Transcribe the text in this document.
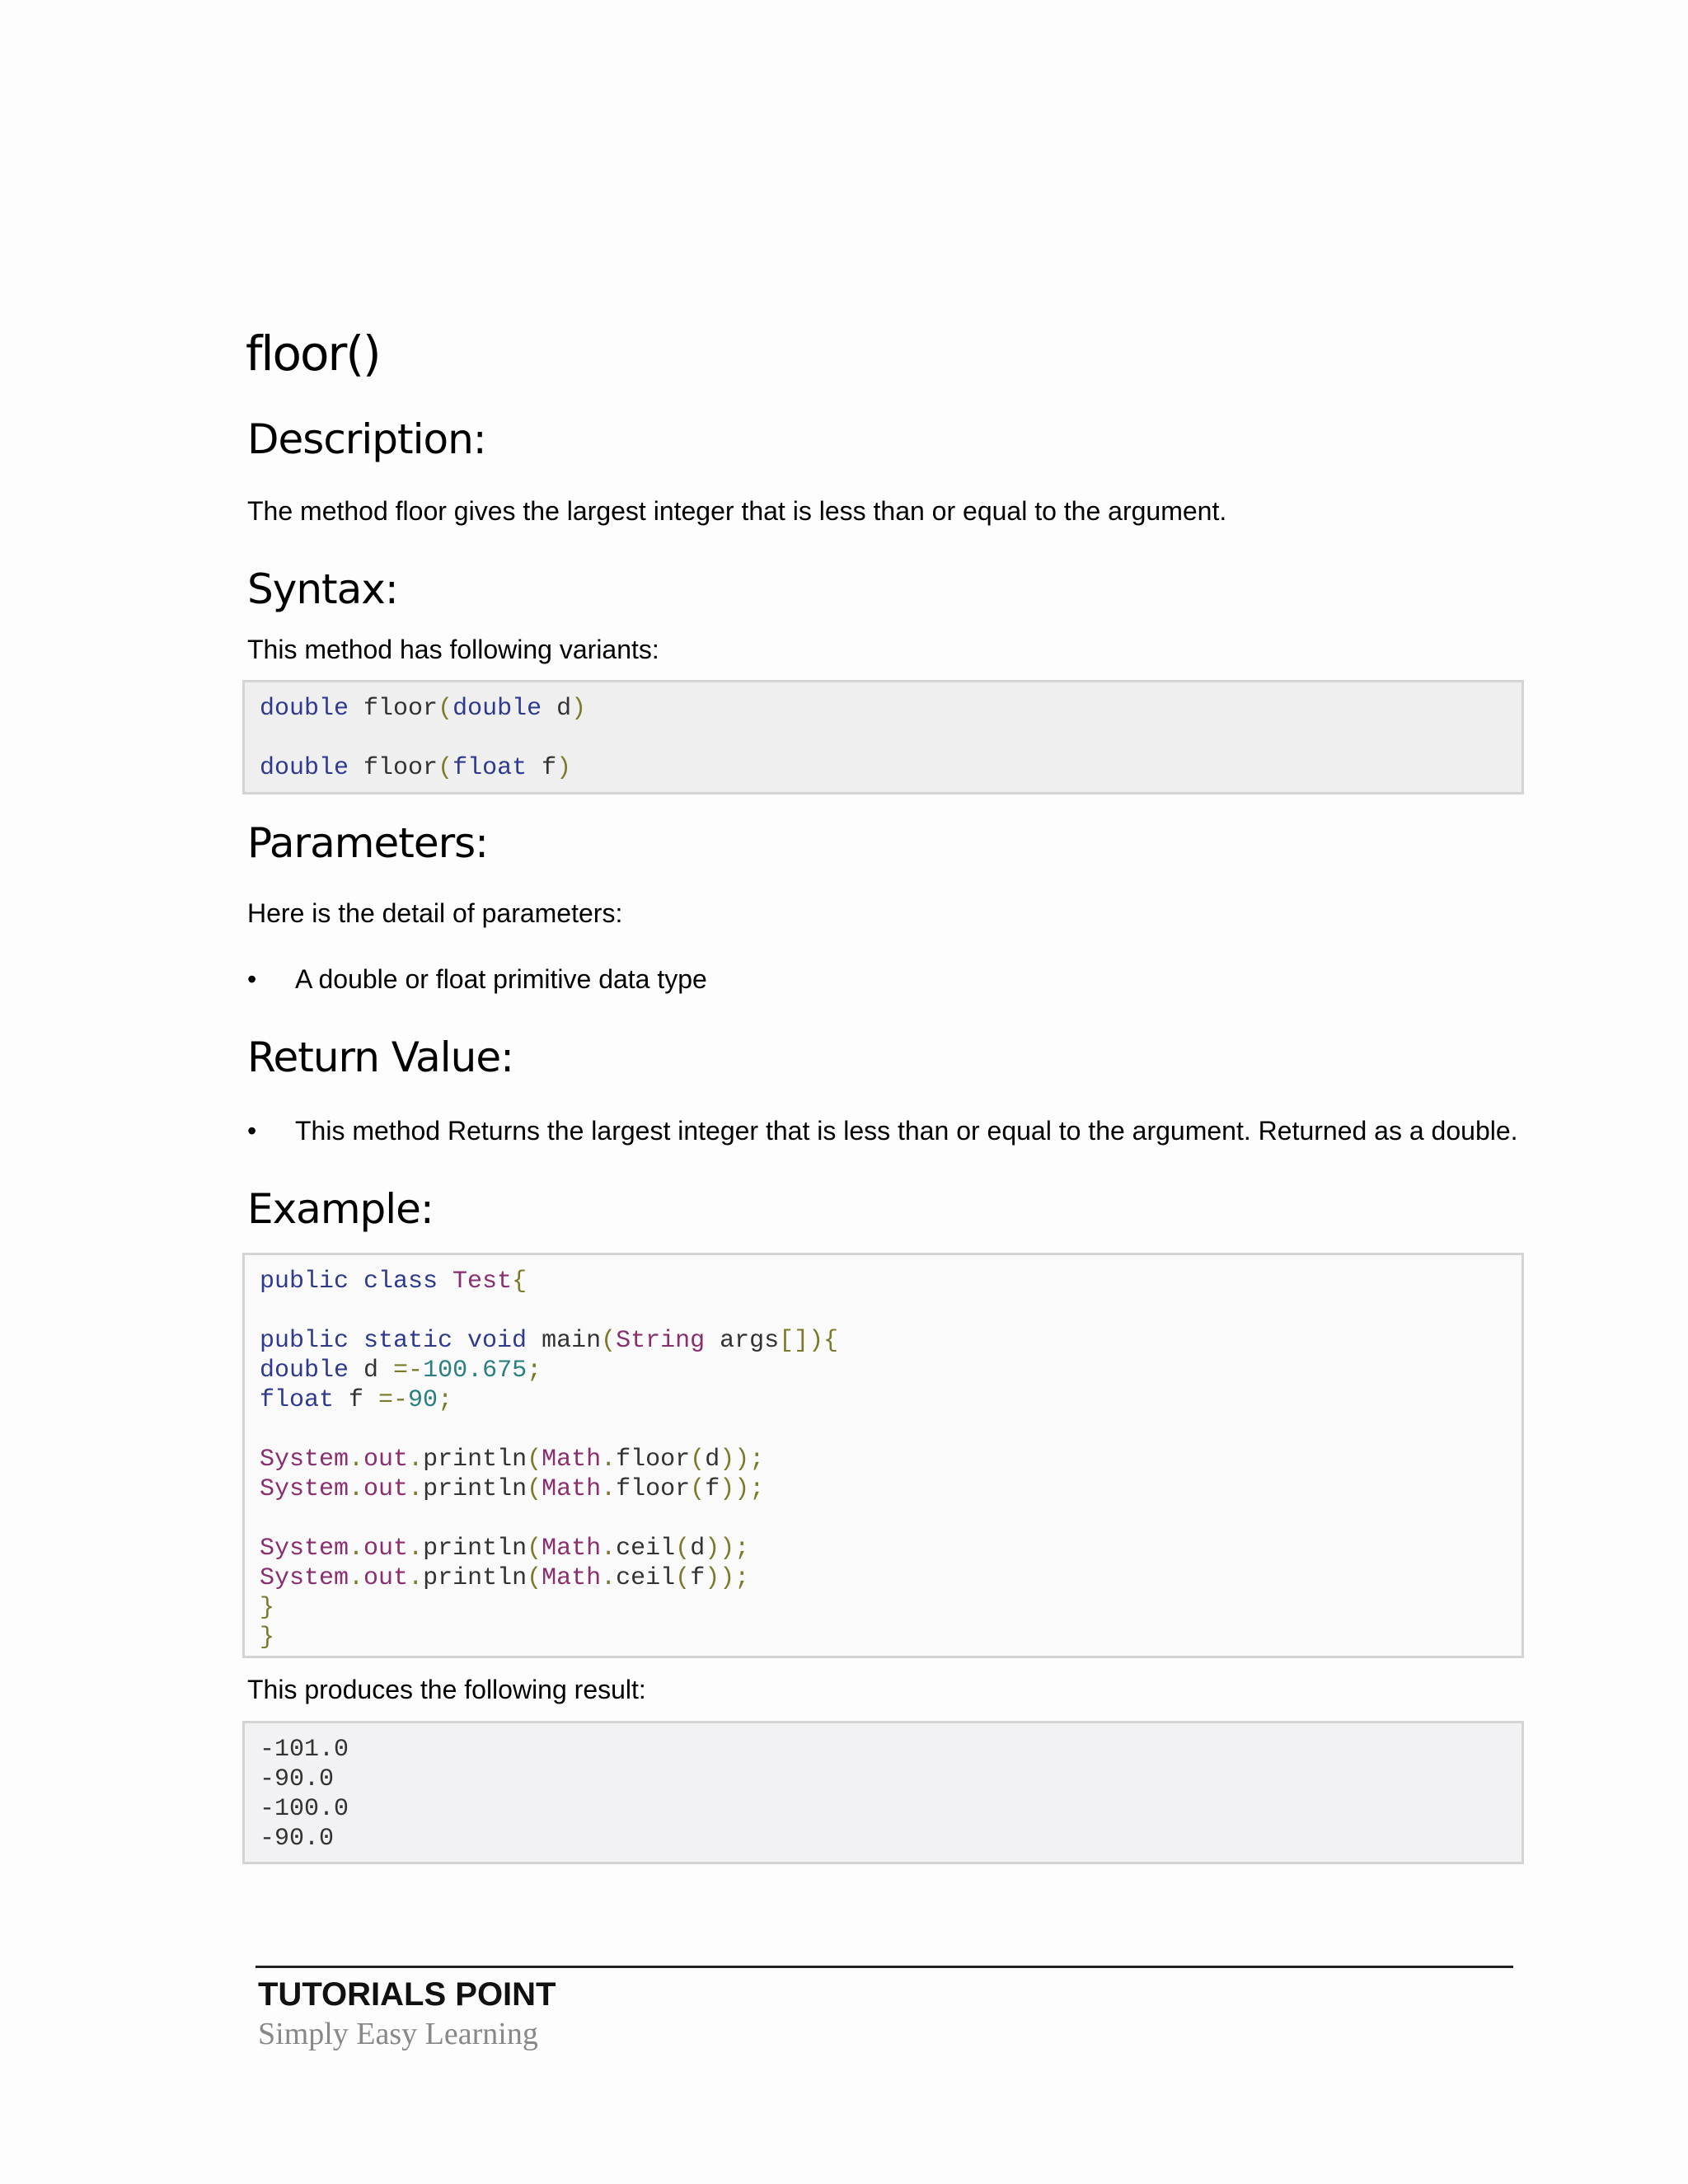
floor()
Description:

The method floor gives the largest integer that is less than or equal to the argument.

Syntax:

This method has following variants:

double floor(double d)
double floor(float f)
Parameters:

Here is the detail of parameters:

• A double or float primitive data type
Return Value:
• This method Returns the largest integer that is less than or equal to the argument. Returned as a double.
Example:
public class Test{
public static void main(String args[]){
double d =-100.675;
float f =-90;
System.out.println(Math.floor(d));
System.out.println(Math.floor(f));
System.out.println(Math.ceil(d));
System.out.println(Math.ceil(f));
}
}

This produces the following result:

-101.0
-90.0
-100.0
-90.0
TUTORIALS POINT
Simply Easy Learning
